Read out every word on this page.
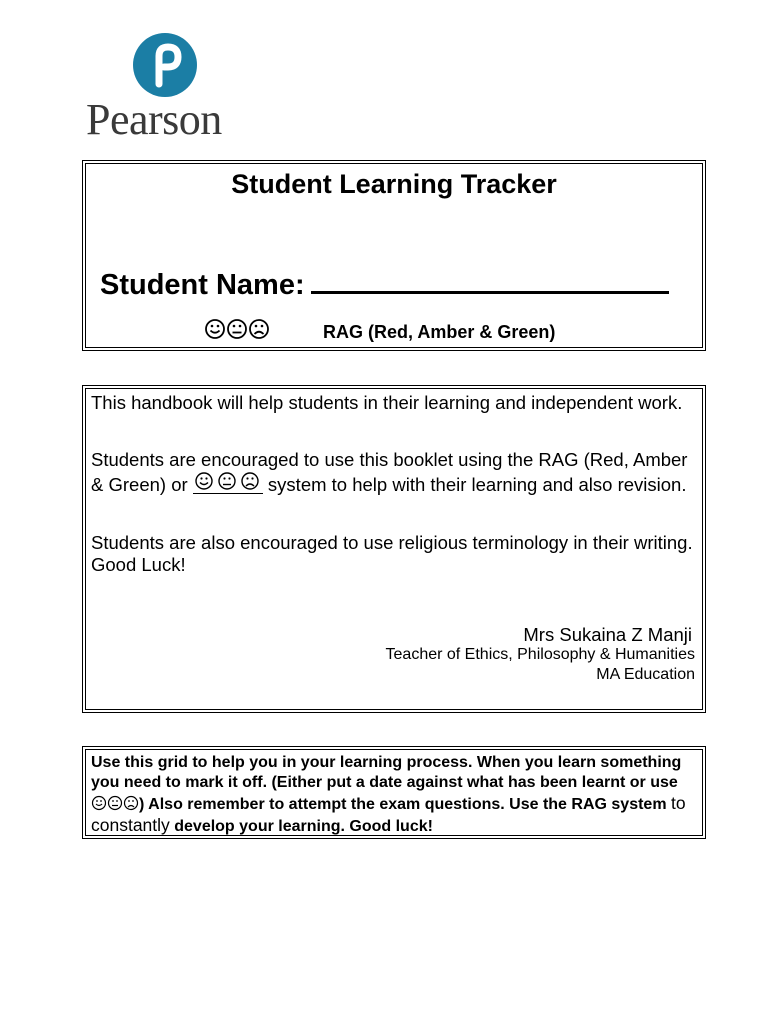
Pearson
Student Learning Tracker
Student Name:
RAG (Red, Amber & Green)

This handbook will help students in their learning and independent work.

Students are encouraged to use this booklet using the RAG (Red, Amber & Green) or	system to help with their learning and also revision.

Students are also encouraged to use religious terminology in their writing. Good Luck!

Mrs Sukaina Z Manji
Teacher of Ethics, Philosophy & Humanities
MA Education

Use this grid to help you in your learning process. When you learn something you need to mark it off. (Either put a date against what has been learnt or use ) Also remember to attempt the exam questions. Use the RAG system to constantly develop your learning. Good luck!
